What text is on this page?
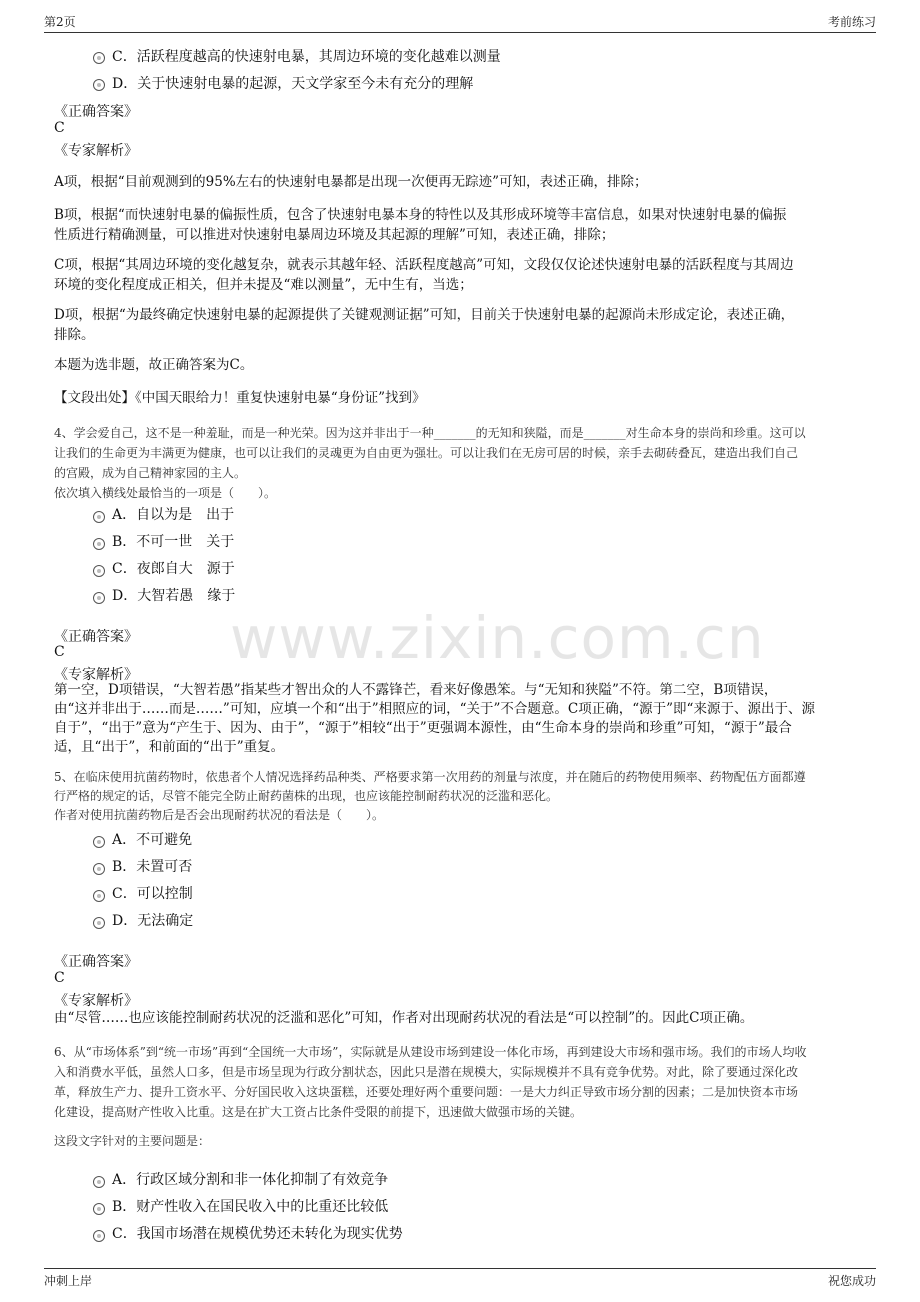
第2页	考前练习
www.zixin.com.cn
C．活跃程度越高的快速射电暴，其周边环境的变化越难以测量
D．关于快速射电暴的起源，天文学家至今未有充分的理解
《正确答案》
C
《专家解析》
A项，根据“目前观测到的95%左右的快速射电暴都是出现一次便再无踪迹”可知，表述正确，排除；
B项，根据“而快速射电暴的偏振性质，包含了快速射电暴本身的特性以及其形成环境等丰富信息，如果对快速射电暴的偏振
性质进行精确测量，可以推进对快速射电暴周边环境及其起源的理解”可知，表述正确，排除；
C项，根据“其周边环境的变化越复杂，就表示其越年轻、活跃程度越高”可知，文段仅仅论述快速射电暴的活跃程度与其周边
环境的变化程度成正相关，但并未提及“难以测量”，无中生有，当选；
D项，根据“为最终确定快速射电暴的起源提供了关键观测证据”可知，目前关于快速射电暴的起源尚未形成定论，表述正确，
排除。
本题为选非题，故正确答案为C。
【文段出处】《中国天眼给力！重复快速射电暴“身份证”找到》
4、学会爱自己，这不是一种羞耻，而是一种光荣。因为这并非出于一种_______的无知和狭隘，而是_______对生命本身的崇尚和珍重。这可以
让我们的生命更为丰满更为健康，也可以让我们的灵魂更为自由更为强壮。可以让我们在无房可居的时候，亲手去砌砖叠瓦，建造出我们自己
的宫殿，成为自己精神家园的主人。
依次填入横线处最恰当的一项是（　　）。
A．自以为是　出于
B．不可一世　关于
C．夜郎自大　源于
D．大智若愚　缘于
《正确答案》
C
《专家解析》
第一空，D项错误，“大智若愚”指某些才智出众的人不露锋芒，看来好像愚笨。与“无知和狭隘”不符。第二空，B项错误，
由“这并非出于……而是……”可知，应填一个和“出于”相照应的词，“关于”不合题意。C项正确，“源于”即“来源于、源出于、源
自于”，“出于”意为“产生于、因为、由于”，“源于”相较“出于”更强调本源性，由“生命本身的崇尚和珍重”可知，“源于”最合
适，且“出于”，和前面的“出于”重复。
5、在临床使用抗菌药物时，依患者个人情况选择药品种类、严格要求第一次用药的剂量与浓度，并在随后的药物使用频率、药物配伍方面都遵
行严格的规定的话，尽管不能完全防止耐药菌株的出现，也应该能控制耐药状况的泛滥和恶化。
作者对使用抗菌药物后是否会出现耐药状况的看法是（　　）。
A．不可避免
B．未置可否
C．可以控制
D．无法确定
《正确答案》
C
《专家解析》
由“尽管……也应该能控制耐药状况的泛滥和恶化”可知，作者对出现耐药状况的看法是“可以控制”的。因此C项正确。
6、从“市场体系”到“统一市场”再到“全国统一大市场”，实际就是从建设市场到建设一体化市场，再到建设大市场和强市场。我们的市场人均收
入和消费水平低，虽然人口多，但是市场呈现为行政分割状态，因此只是潜在规模大，实际规模并不具有竞争优势。对此，除了要通过深化改
革，释放生产力、提升工资水平、分好国民收入这块蛋糕，还要处理好两个重要问题：一是大力纠正导致市场分割的因素；二是加快资本市场
化建设，提高财产性收入比重。这是在扩大工资占比条件受限的前提下，迅速做大做强市场的关键。
这段文字针对的主要问题是：
A．行政区域分割和非一体化抑制了有效竞争
B．财产性收入在国民收入中的比重还比较低
C．我国市场潜在规模优势还未转化为现实优势
冲刺上岸	祝您成功
